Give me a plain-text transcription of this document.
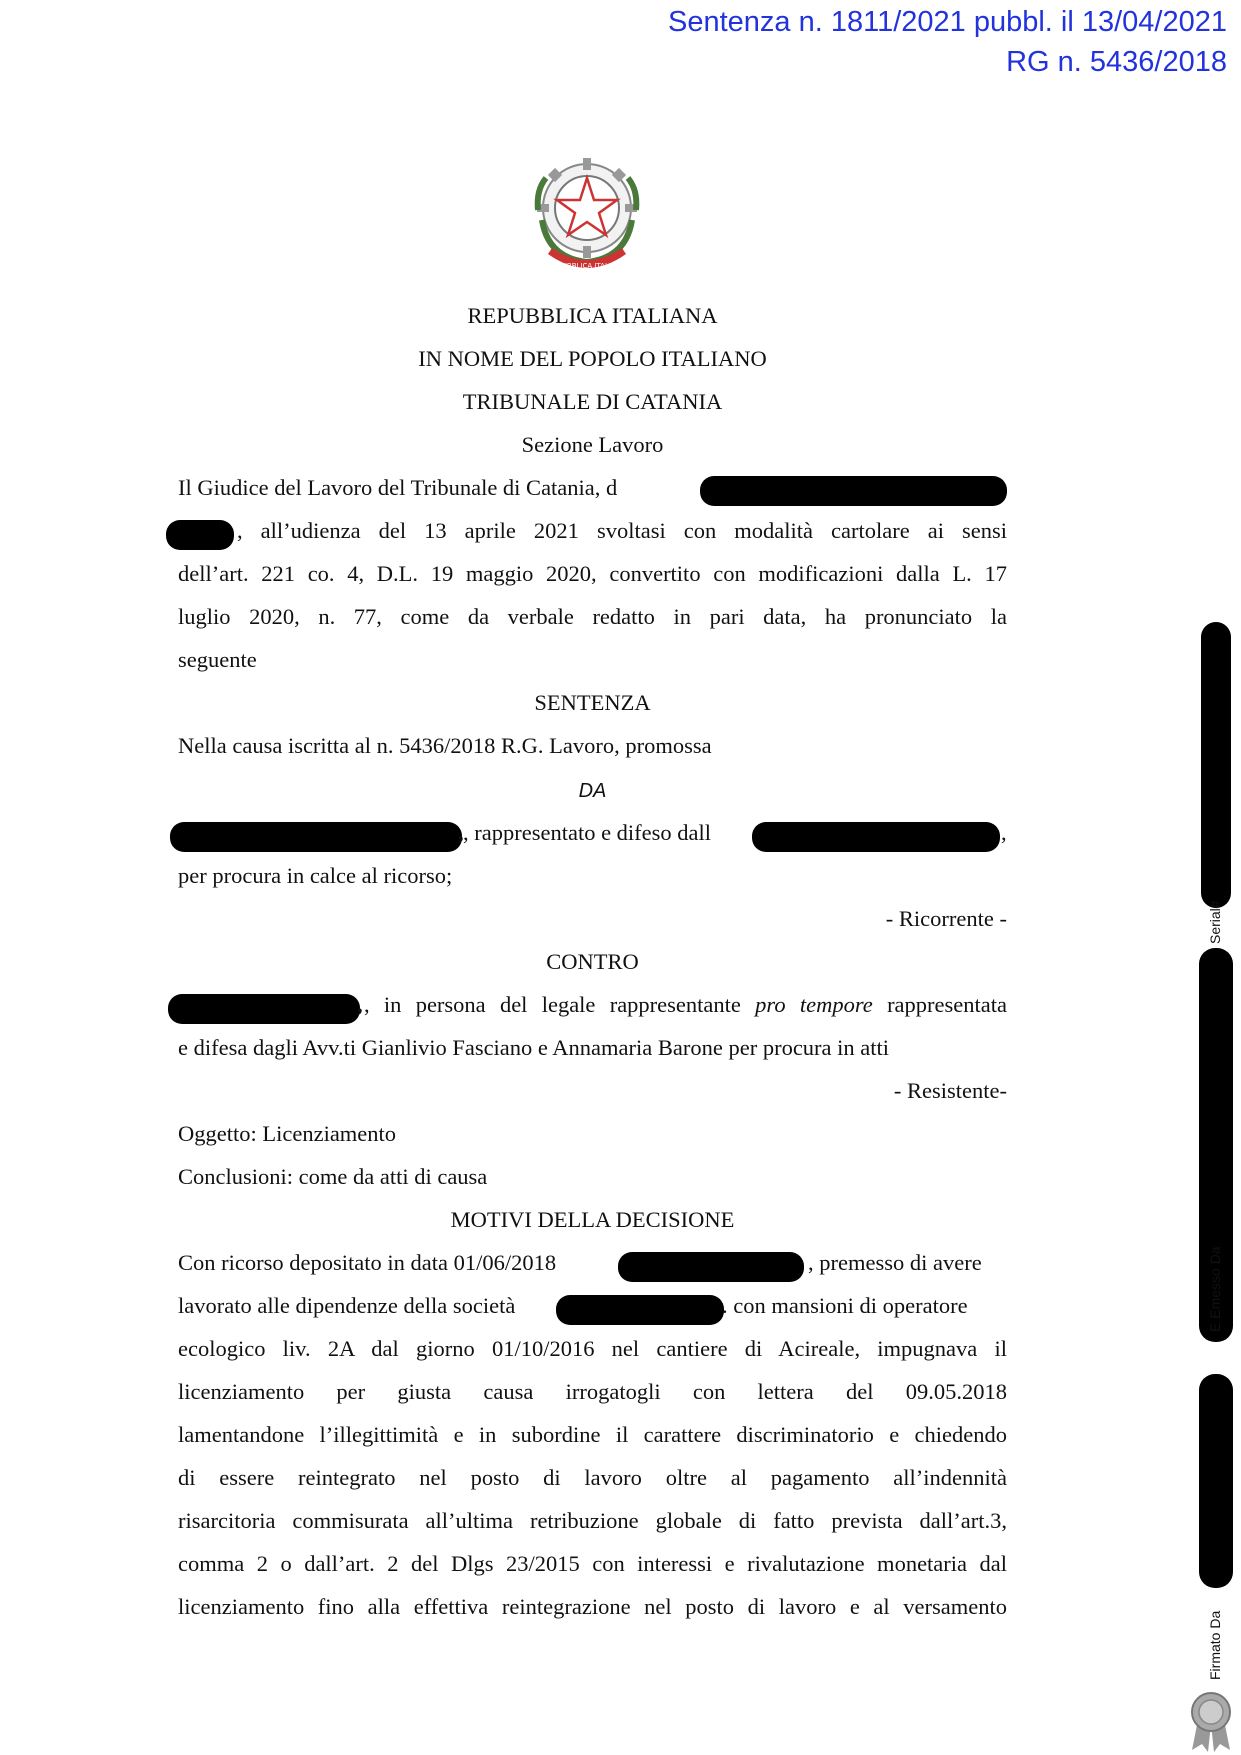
Sentenza n. 1811/2021 pubbl. il 13/04/2021
RG n. 5436/2018
REPUBBLICA ITALIANA
REPUBBLICA ITALIANA
IN NOME DEL POPOLO ITALIANO
TRIBUNALE DI CATANIA
Sezione Lavoro
Il Giudice del Lavoro del Tribunale di Catania, d
, all’udienza del 13 aprile 2021 svoltasi con modalità cartolare ai sensi
dell’art. 221 co. 4, D.L. 19 maggio 2020, convertito con modificazioni dalla L. 17
luglio 2020, n. 77, come da verbale redatto in pari data, ha pronunciato la
seguente
SENTENZA
Nella causa iscritta al n. 5436/2018 R.G. Lavoro, promossa
DA
, , rappresentato e difeso dall	,
per procura in calce al ricorso;
- Ricorrente -
CONTRO
, , in persona del legale rappresentante pro tempore rappresentata
e difesa dagli Avv.ti Gianlivio Fasciano e Annamaria Barone per procura in atti
- Resistente-
Oggetto: Licenziamento
Conclusioni: come da atti di causa
MOTIVI DELLA DECISIONE
Con ricorso depositato in data 01/06/2018	, premesso di avere
lavorato alle dipendenze della società	. con mansioni di operatore
ecologico liv. 2A dal giorno 01/10/2016 nel cantiere di Acireale, impugnava il
licenziamento per giusta causa irrogatogli con lettera del 09.05.2018
lamentandone l’illegittimità e in subordine il carattere discriminatorio e chiedendo
di essere reintegrato nel posto di lavoro oltre al pagamento all’indennità
risarcitoria commisurata all’ultima retribuzione globale di fatto prevista dall’art.3,
comma 2 o dall’art. 2 del Dlgs 23/2015 con interessi e rivalutazione monetaria dal
licenziamento fino alla effettiva reintegrazione nel posto di lavoro e al versamento
Firmato Da
E Emesso Da
Serial#
